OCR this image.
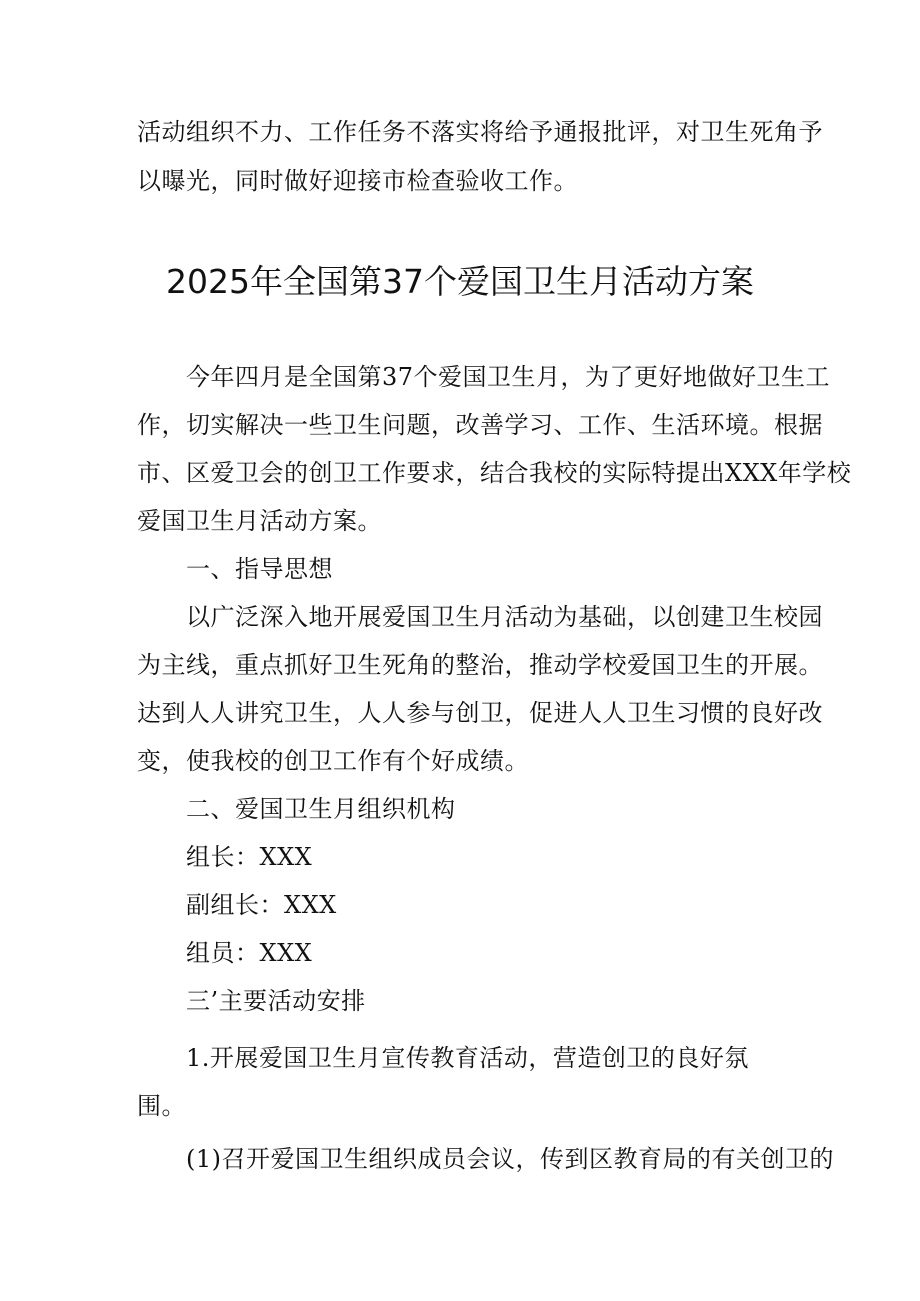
活动组织不力、工作任务不落实将给予通报批评，对卫生死角予
以曝光，同时做好迎接市检查验收工作。
2025年全国第37个爱国卫生月活动方案
今年四月是全国第37个爱国卫生月，为了更好地做好卫生工
作，切实解决一些卫生问题，改善学习、工作、生活环境。根据
市、区爱卫会的创卫工作要求，结合我校的实际特提出XXX年学校
爱国卫生月活动方案。
一、指导思想
以广泛深入地开展爱国卫生月活动为基础，以创建卫生校园
为主线，重点抓好卫生死角的整治，推动学校爱国卫生的开展。
达到人人讲究卫生，人人参与创卫，促进人人卫生习惯的良好改
变，使我校的创卫工作有个好成绩。
二、爱国卫生月组织机构
组长：XXX
副组长：XXX
组员：XXX
三’主要活动安排
1.开展爱国卫生月宣传教育活动，营造创卫的良好氛
围。
(1)召开爱国卫生组织成员会议，传到区教育局的有关创卫的
